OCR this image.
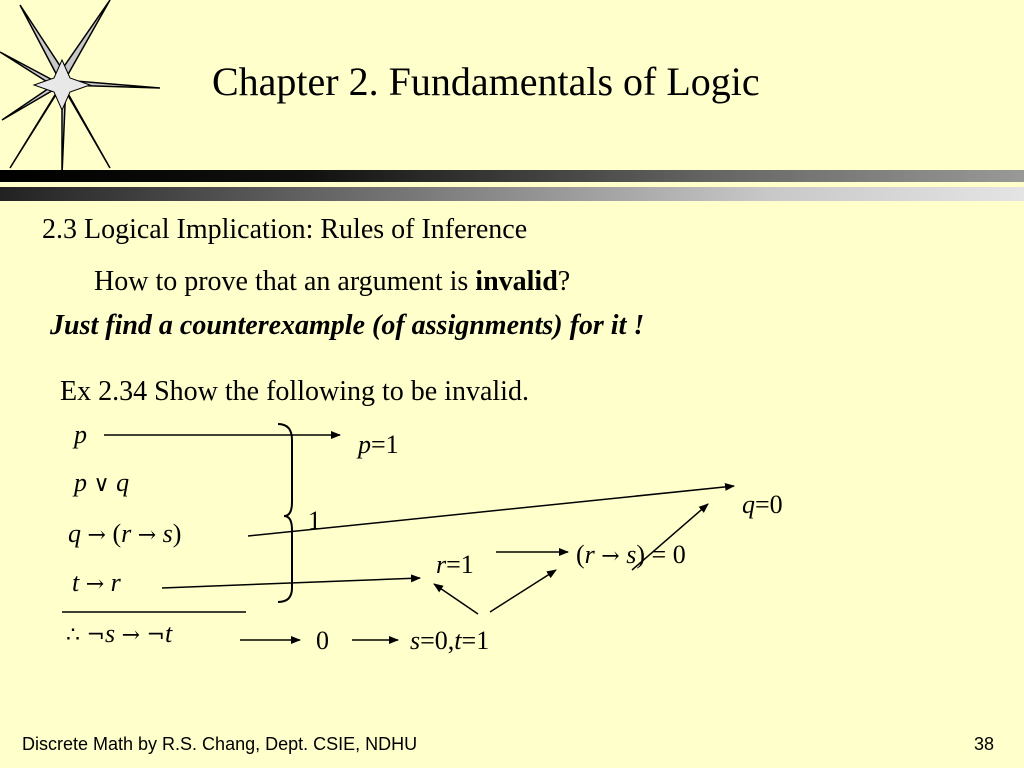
Chapter 2. Fundamentals of Logic
2.3 Logical Implication: Rules of Inference
How to prove that an argument is invalid?
Just find a counterexample (of assignments) for it !
Ex 2.34 Show the following to be invalid.
p
p ∨ q
q → (r → s)
t → r
∴ ¬s → ¬t
1
p=1
q=0
(r → s) = 0
r=1
0	s=0,t=1
Discrete Math by R.S. Chang, Dept. CSIE, NDHU	38
